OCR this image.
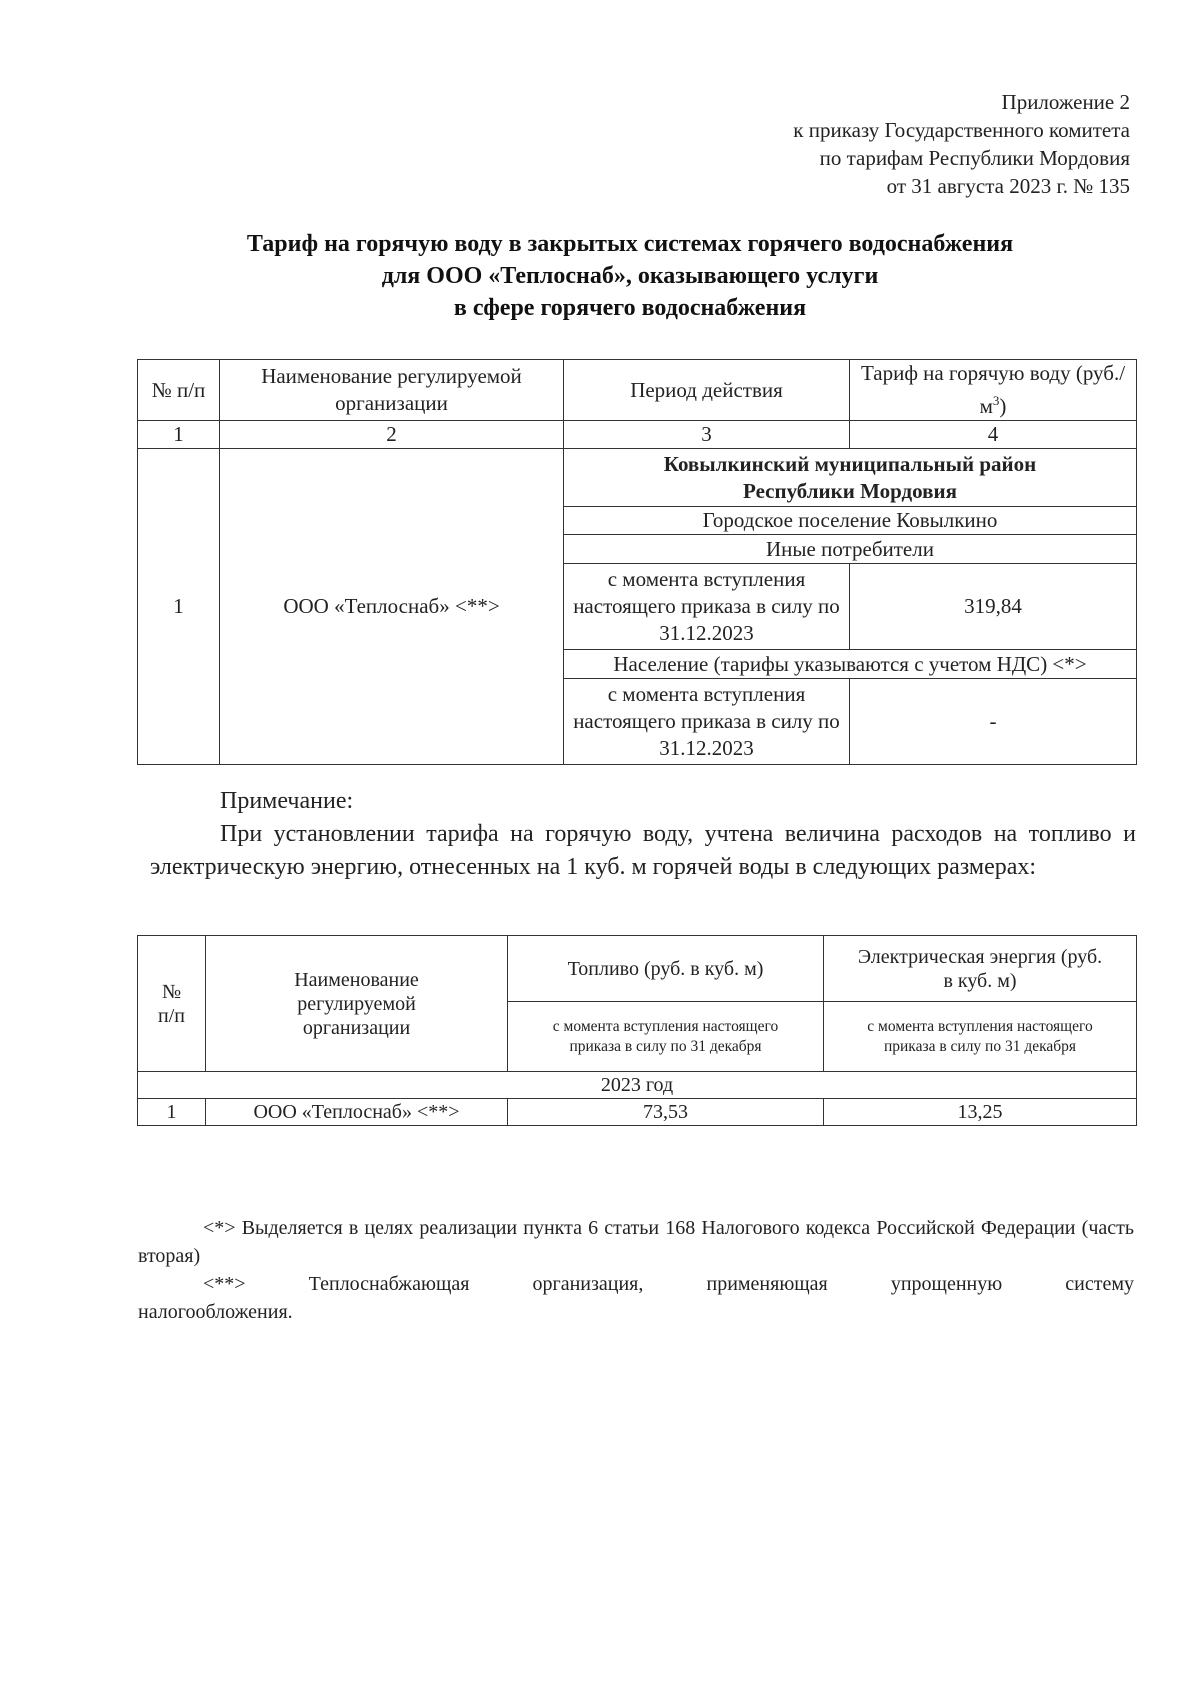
Приложение 2
к приказу Государственного комитета
по тарифам Республики Мордовия
от 31 августа 2023 г. № 135
Тариф на горячую воду в закрытых системах горячего водоснабжения
для ООО «Теплоснаб», оказывающего услуги
в сфере горячего водоснабжения
№ п/п	Наименование регулируемой организации	Период действия	Тариф на горячую воду $(руб./м^3)$
1	2	3	4
1	ООО «Теплоснаб» <**>	Ковылкинский муниципальный район
Республики Мордовия	

		Городское поселение Ковылкино	
		Иные потребители	
		с момента вступления настоящего приказа в силу по 31.12.2023	319,84
		Население (тарифы указываются с учетом НДС) <*>	
		с момента вступления настоящего приказа в силу по 31.12.2023	-
Примечание:

При установлении тарифа на горячую воду, учтена величина расходов на топливо и электрическую энергию, отнесенных на 1 куб. м горячей воды в следующих размерах:

№ п/п	Наименование регулируемой организации	Топливо (руб. в куб. м)	Электрическая энергия (руб. в куб. м)

		с момента вступления настоящего приказа в силу по 31 декабря	с момента вступления настоящего приказа в силу по 31 декабря

2023 год			
1	ООО «Теплоснаб» <**>	73,53	13,25

<*> Выделяется в целях реализации пункта 6 статьи 168 Налогового кодекса Российской Федерации (часть вторая)

<**>	Теплоснабжающая	организация,	применяющая	упрощенную	систему
налогообложения.
